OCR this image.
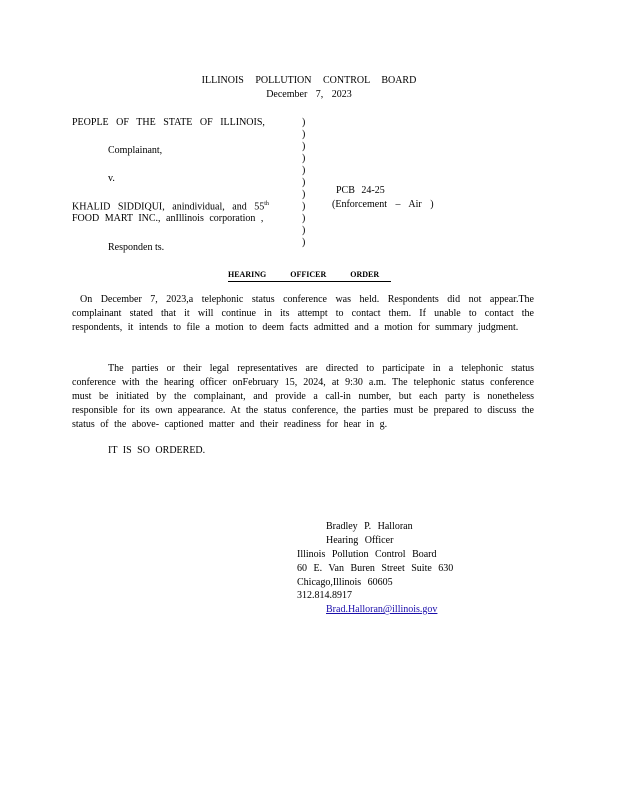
ILLINOIS POLLUTION CONTROL BOARD
December 7, 2023
PEOPLE OF THE STATE OF ILLINOIS,
Complainant,
v.
KHALID SIDDIQUI, anindividual, and 55th
FOOD MART INC., anIllinois corporation ,
Responden ts.
PCB 24-25
(Enforcement – Air )
)
)
)
)
)
)
)
)
)
)
)
HEARING OFFICER ORDER
On December 7, 2023,a telephonic status conference was held. Respondents did not appear.The complainant stated that it will continue in its attempt to contact them. If unable to contact the respondents, it intends to file a motion to deem facts admitted and a motion for summary judgment.
The parties or their legal representatives are directed to participate in a telephonic status conference with the hearing officer onFebruary 15, 2024, at 9:30 a.m. The telephonic status conference must be initiated by the complainant, and provide a call-in number, but each party is nonetheless responsible for its own appearance. At the status conference, the parties must be prepared to discuss the status of the above- captioned matter and their readiness for hear in g.
IT IS SO ORDERED.
Bradley P. Halloran
Hearing Officer
Illinois Pollution Control Board
60 E. Van Buren Street Suite 630
Chicago,Illinois 60605
312.814.8917
Brad.Halloran@illinois.gov
